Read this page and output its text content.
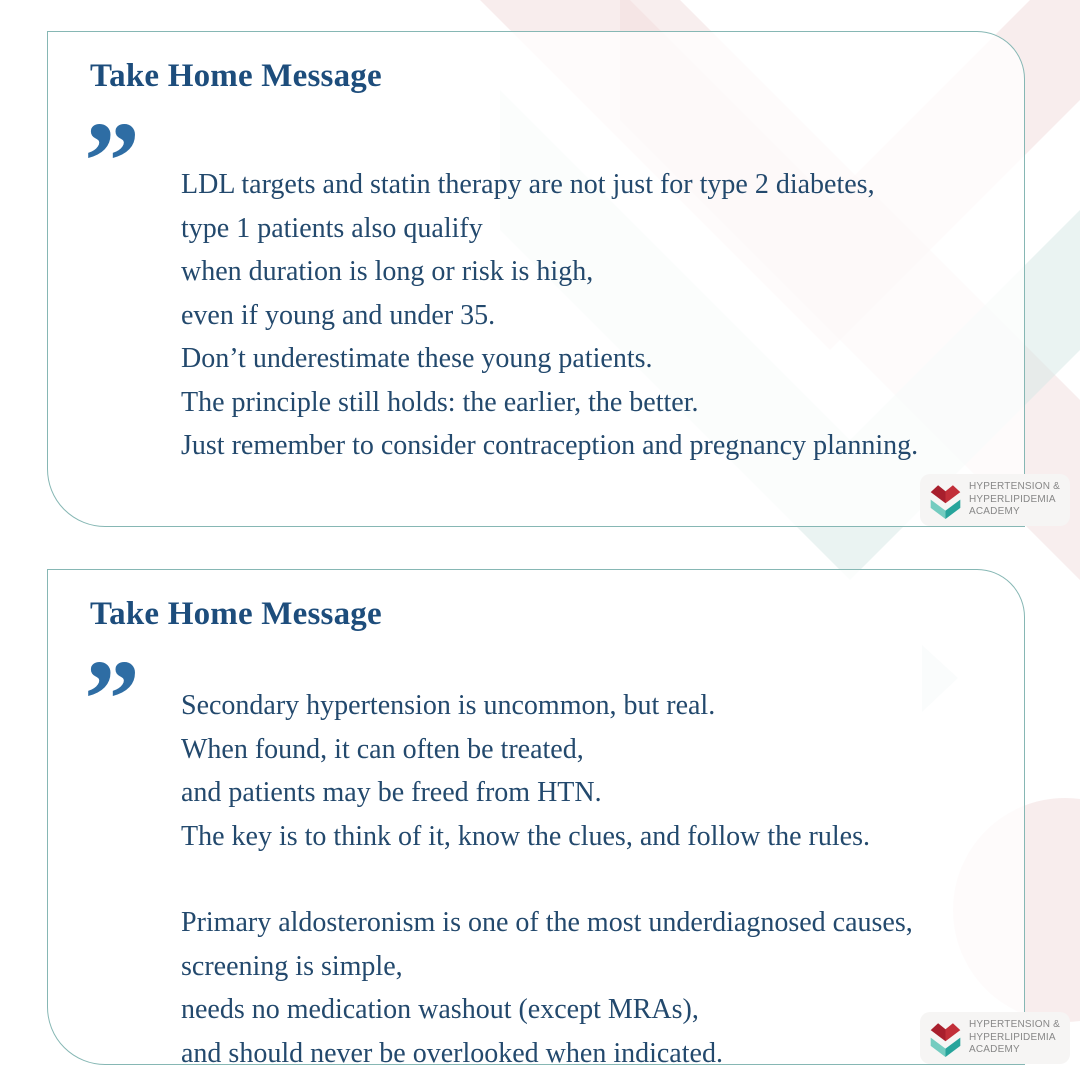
Take Home Message
” LDL targets and statin therapy are not just for type 2 diabetes,
type 1 patients also qualify
when duration is long or risk is high,
even if young and under 35.
Don’t underestimate these young patients.
The principle still holds: the earlier, the better.
Just remember to consider contraception and pregnancy planning.
Take Home Message
” Secondary hypertension is uncommon, but real.
When found, it can often be treated,
and patients may be freed from HTN.
The key is to think of it, know the clues, and follow the rules.
Primary aldosteronism is one of the most underdiagnosed causes,
screening is simple,
needs no medication washout (except MRAs),
and should never be overlooked when indicated.
HYPERTENSION &
HYPERLIPIDEMIA
ACADEMY
HYPERTENSION &
HYPERLIPIDEMIA
ACADEMY
